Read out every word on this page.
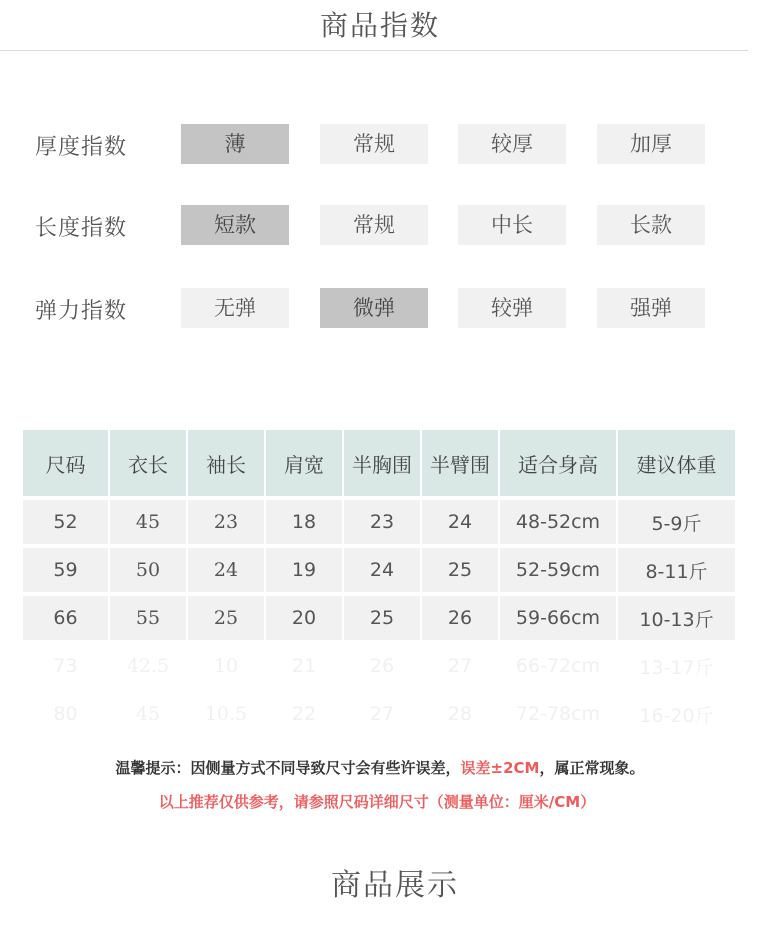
商品指数
厚度指数	薄	常规	较厚	加厚
长度指数	短款	常规	中长	长款
弹力指数	无弹	微弹	较弹	强弹
尺码	衣长	袖长	肩宽	半胸围	半臂围	适合身高	建议体重
52	45	23	18	23	24	48-52cm	5-9斤
59	50	24	19	24	25	52-59cm	8-11斤
66	55	25	20	25	26	59-66cm	10-13斤
73	42.5	10	21	26	27	66-72cm	13-17斤
80	45	10.5	22	27	28	72-78cm	16-20斤
温馨提示：因侧量方式不同导致尺寸会有些许误差，误差±2CM，属正常现象。
以上推荐仅供参考，请参照尺码详细尺寸（测量单位：厘米/CM）
商品展示
